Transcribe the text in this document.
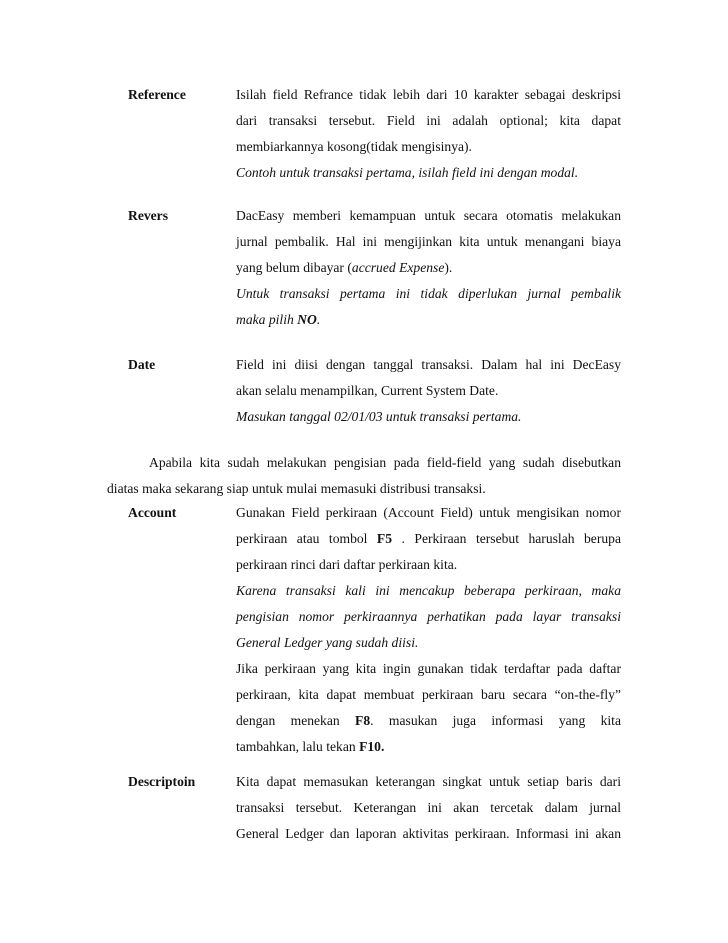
Reference	Isilah field Refrance tidak lebih dari 10 karakter sebagai deskripsi
dari transaksi tersebut. Field ini adalah optional; kita dapat
membiarkannya kosong(tidak mengisinya).
Contoh untuk transaksi pertama, isilah field ini dengan modal.
Revers	DacEasy memberi kemampuan untuk secara otomatis melakukan
jurnal pembalik. Hal ini mengijinkan kita untuk menangani biaya
yang belum dibayar (accrued Expense).
Untuk transaksi pertama ini tidak diperlukan jurnal pembalik
maka pilih NO.
Date	Field ini diisi dengan tanggal transaksi. Dalam hal ini DecEasy
akan selalu menampilkan, Current System Date.
Masukan tanggal 02/01/03 untuk transaksi pertama.
Apabila kita sudah melakukan pengisian pada field-field yang sudah disebutkan
diatas maka sekarang siap untuk mulai memasuki distribusi transaksi.
Account	Gunakan Field perkiraan (Account Field) untuk mengisikan nomor
perkiraan atau tombol F5 . Perkiraan tersebut haruslah berupa
perkiraan rinci dari daftar perkiraan kita.
Karena transaksi kali ini mencakup beberapa perkiraan, maka
pengisian nomor perkiraannya perhatikan pada layar transaksi
General Ledger yang sudah diisi.
Jika perkiraan yang kita ingin gunakan tidak terdaftar pada daftar
perkiraan, kita dapat membuat perkiraan baru secara “on-the-fly”
dengan menekan F8. masukan juga informasi yang kita
tambahkan, lalu tekan F10.
Descriptoin	Kita dapat memasukan keterangan singkat untuk setiap baris dari
transaksi tersebut. Keterangan ini akan tercetak dalam jurnal
General Ledger dan laporan aktivitas perkiraan. Informasi ini akan
